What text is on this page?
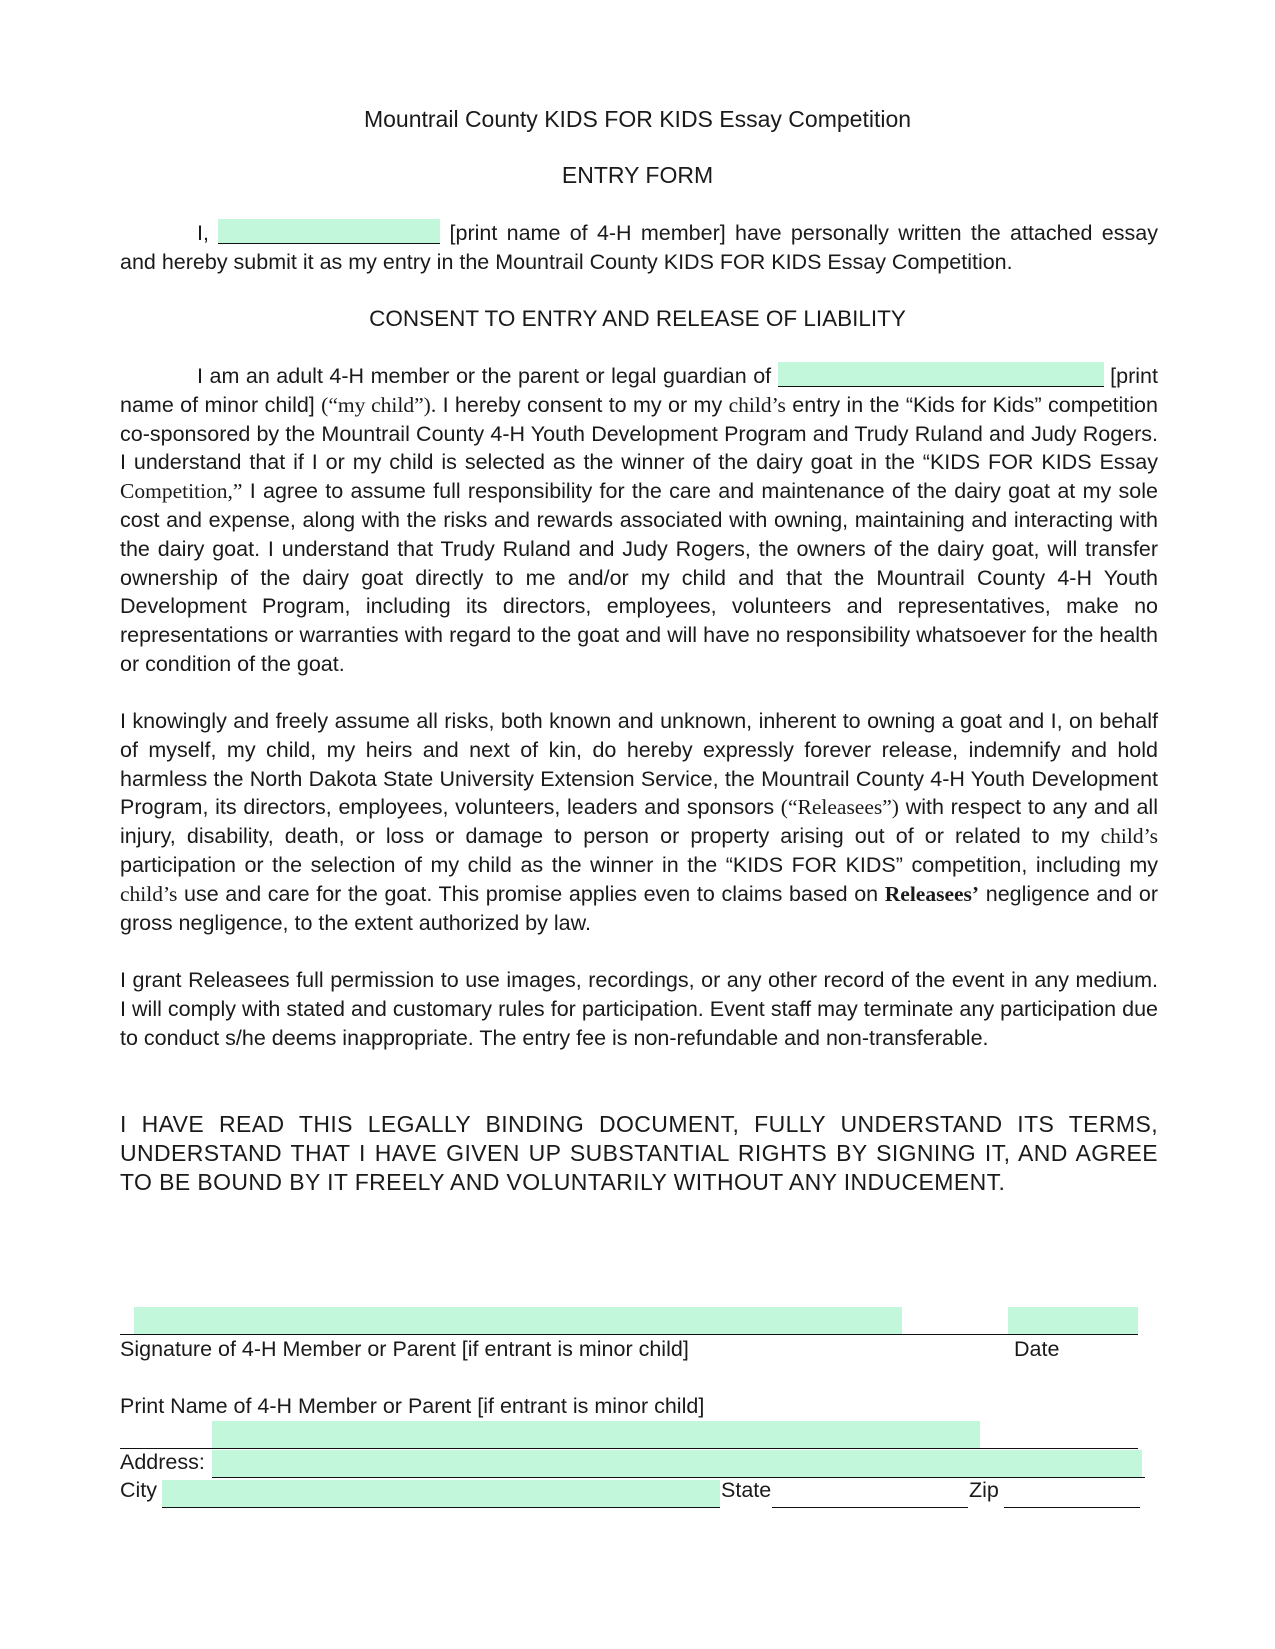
Mountrail County KIDS FOR KIDS Essay Competition
ENTRY FORM

I,	[print name of 4-H member] have personally written the attached essay and hereby submit it as my entry in the Mountrail County KIDS FOR KIDS Essay Competition.

CONSENT TO ENTRY AND RELEASE OF LIABILITY

I am an adult 4-H member or the parent or legal guardian of	[print name of minor child] (“my child”). I hereby consent to my or my child’s entry in the “Kids for Kids” competition co-sponsored by the Mountrail County 4-H Youth Development Program and Trudy Ruland and Judy Rogers. I understand that if I or my child is selected as the winner of the dairy goat in the “KIDS FOR KIDS Essay Competition,” I agree to assume full responsibility for the care and maintenance of the dairy goat at my sole cost and expense, along with the risks and rewards associated with owning, maintaining and interacting with the dairy goat. I understand that Trudy Ruland and Judy Rogers, the owners of the dairy goat, will transfer ownership of the dairy goat directly to me and/or my child and that the Mountrail County 4-H Youth Development Program, including its directors, employees, volunteers and representatives, make no representations or warranties with regard to the goat and will have no responsibility whatsoever for the health or condition of the goat.

I knowingly and freely assume all risks, both known and unknown, inherent to owning a goat and I, on behalf of myself, my child, my heirs and next of kin, do hereby expressly forever release, indemnify and hold harmless the North Dakota State University Extension Service, the Mountrail County 4-H Youth Development Program, its directors, employees, volunteers, leaders and sponsors (“Releasees”) with respect to any and all injury, disability, death, or loss or damage to person or property arising out of or related to my child’s participation or the selection of my child as the winner in the “KIDS FOR KIDS” competition, including my child’s use and care for the goat. This promise applies even to claims based on Releasees’ negligence and or gross negligence, to the extent authorized by law.

I grant Releasees full permission to use images, recordings, or any other record of the event in any medium. I will comply with stated and customary rules for participation. Event staff may terminate any participation due to conduct s/he deems inappropriate. The entry fee is non-refundable and non-transferable.

I HAVE READ THIS LEGALLY BINDING DOCUMENT, FULLY UNDERSTAND ITS TERMS, UNDERSTAND THAT I HAVE GIVEN UP SUBSTANTIAL RIGHTS BY SIGNING IT, AND AGREE TO BE BOUND BY IT FREELY AND VOLUNTARILY WITHOUT ANY INDUCEMENT.

Signature of 4-H Member or Parent [if entrant is minor child]	Date
Print Name of 4-H Member or Parent [if entrant is minor child]
Address:
City	State	Zip
